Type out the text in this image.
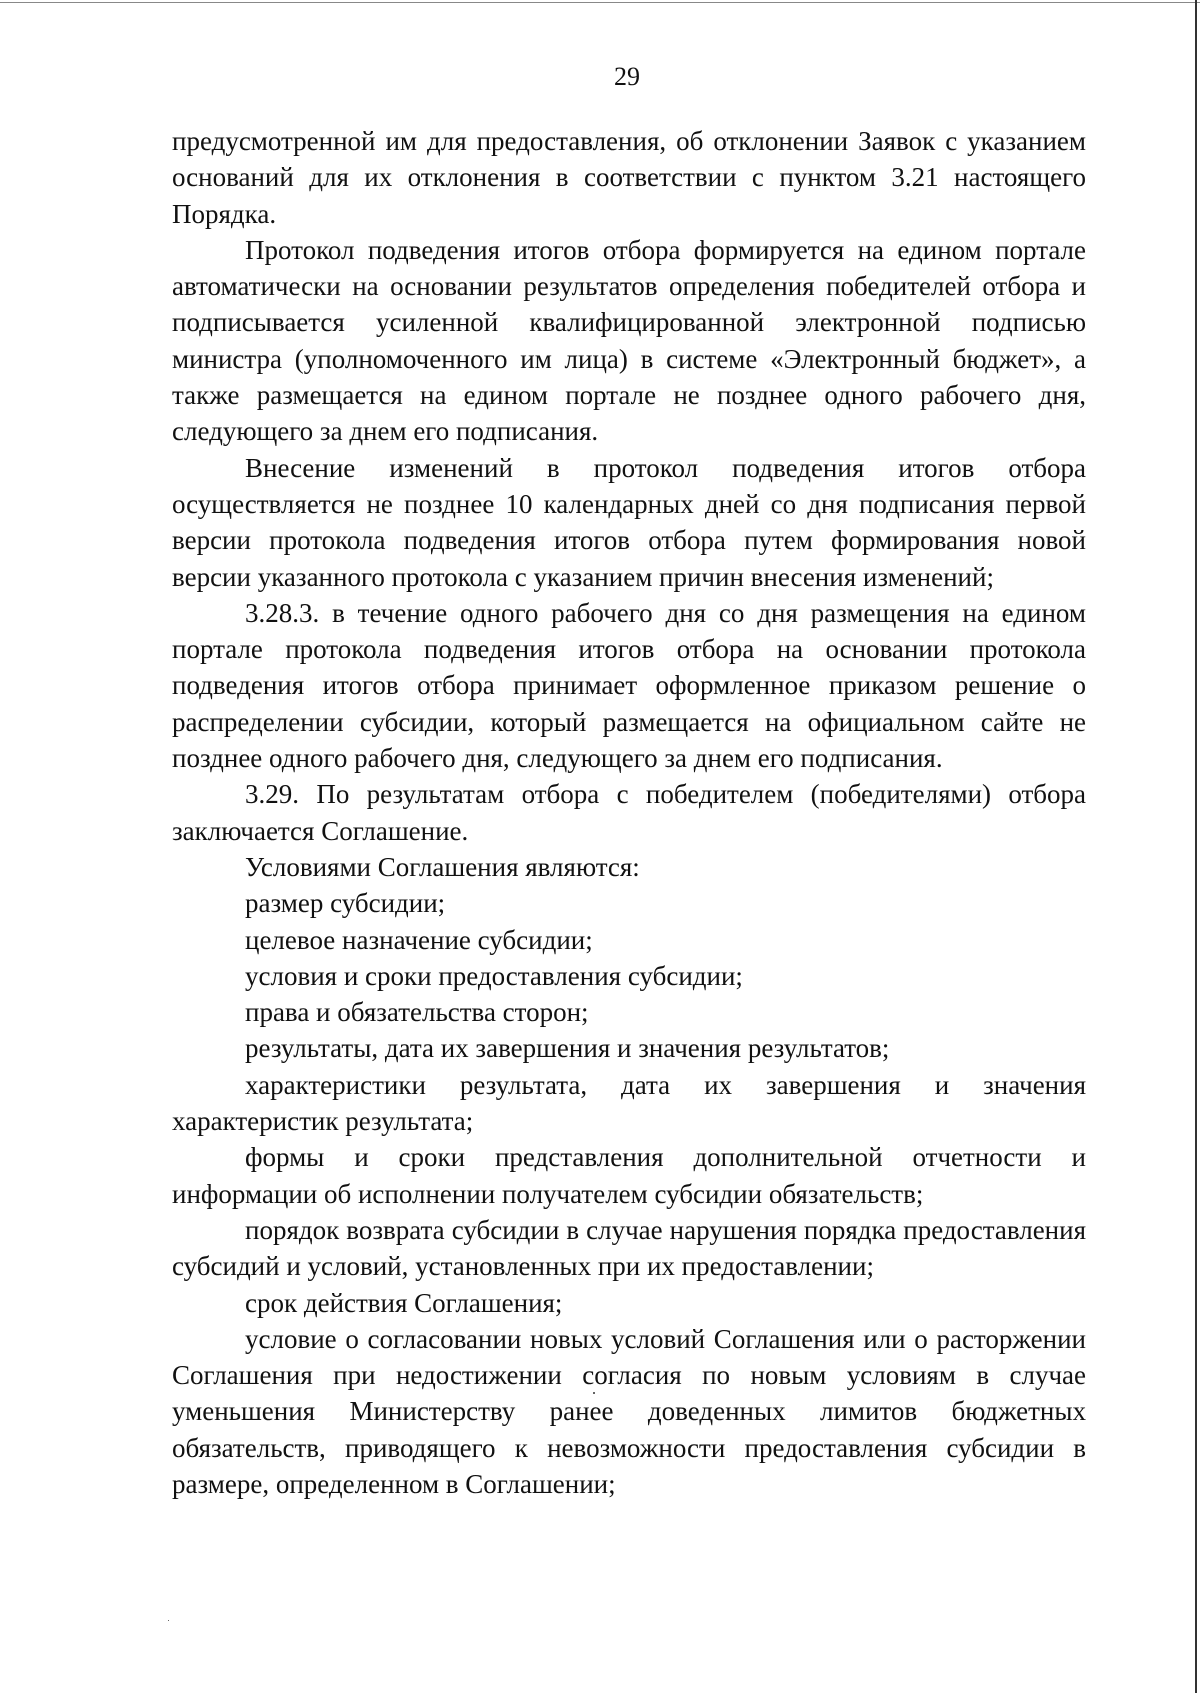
29

предусмотренной им для предоставления, об отклонении Заявок с указанием оснований для их отклонения в соответствии с пунктом 3.21 настоящего Порядка.

Протокол подведения итогов отбора формируется на едином портале автоматически на основании результатов определения победителей отбора и подписывается усиленной квалифицированной электронной подписью министра (уполномоченного им лица) в системе «Электронный бюджет», а также размещается на едином портале не позднее одного рабочего дня, следующего за днем его подписания.

Внесение изменений в протокол подведения итогов отбора осуществляется не позднее 10 календарных дней со дня подписания первой версии протокола подведения итогов отбора путем формирования новой версии указанного протокола с указанием причин внесения изменений;

3.28.3. в течение одного рабочего дня со дня размещения на едином портале протокола подведения итогов отбора на основании протокола подведения итогов отбора принимает оформленное приказом решение о распределении субсидии, который размещается на официальном сайте не позднее одного рабочего дня, следующего за днем его подписания.

3.29. По результатам отбора с победителем (победителями) отбора заключается Соглашение.

Условиями Соглашения являются:

размер субсидии;

целевое назначение субсидии;

условия и сроки предоставления субсидии;

права и обязательства сторон;

результаты, дата их завершения и значения результатов;

характеристики результата, дата их завершения и значения характеристик результата;

формы и сроки представления дополнительной отчетности и информации об исполнении получателем субсидии обязательств;

порядок возврата субсидии в случае нарушения порядка предоставления субсидий и условий, установленных при их предоставлении;

срок действия Соглашения;

условие о согласовании новых условий Соглашения или о расторжении Соглашения при недостижении согласия по новым условиям в случае уменьшения Министерству ранее доведенных лимитов бюджетных обязательств, приводящего к невозможности предоставления субсидии в размере, определенном в Соглашении;
